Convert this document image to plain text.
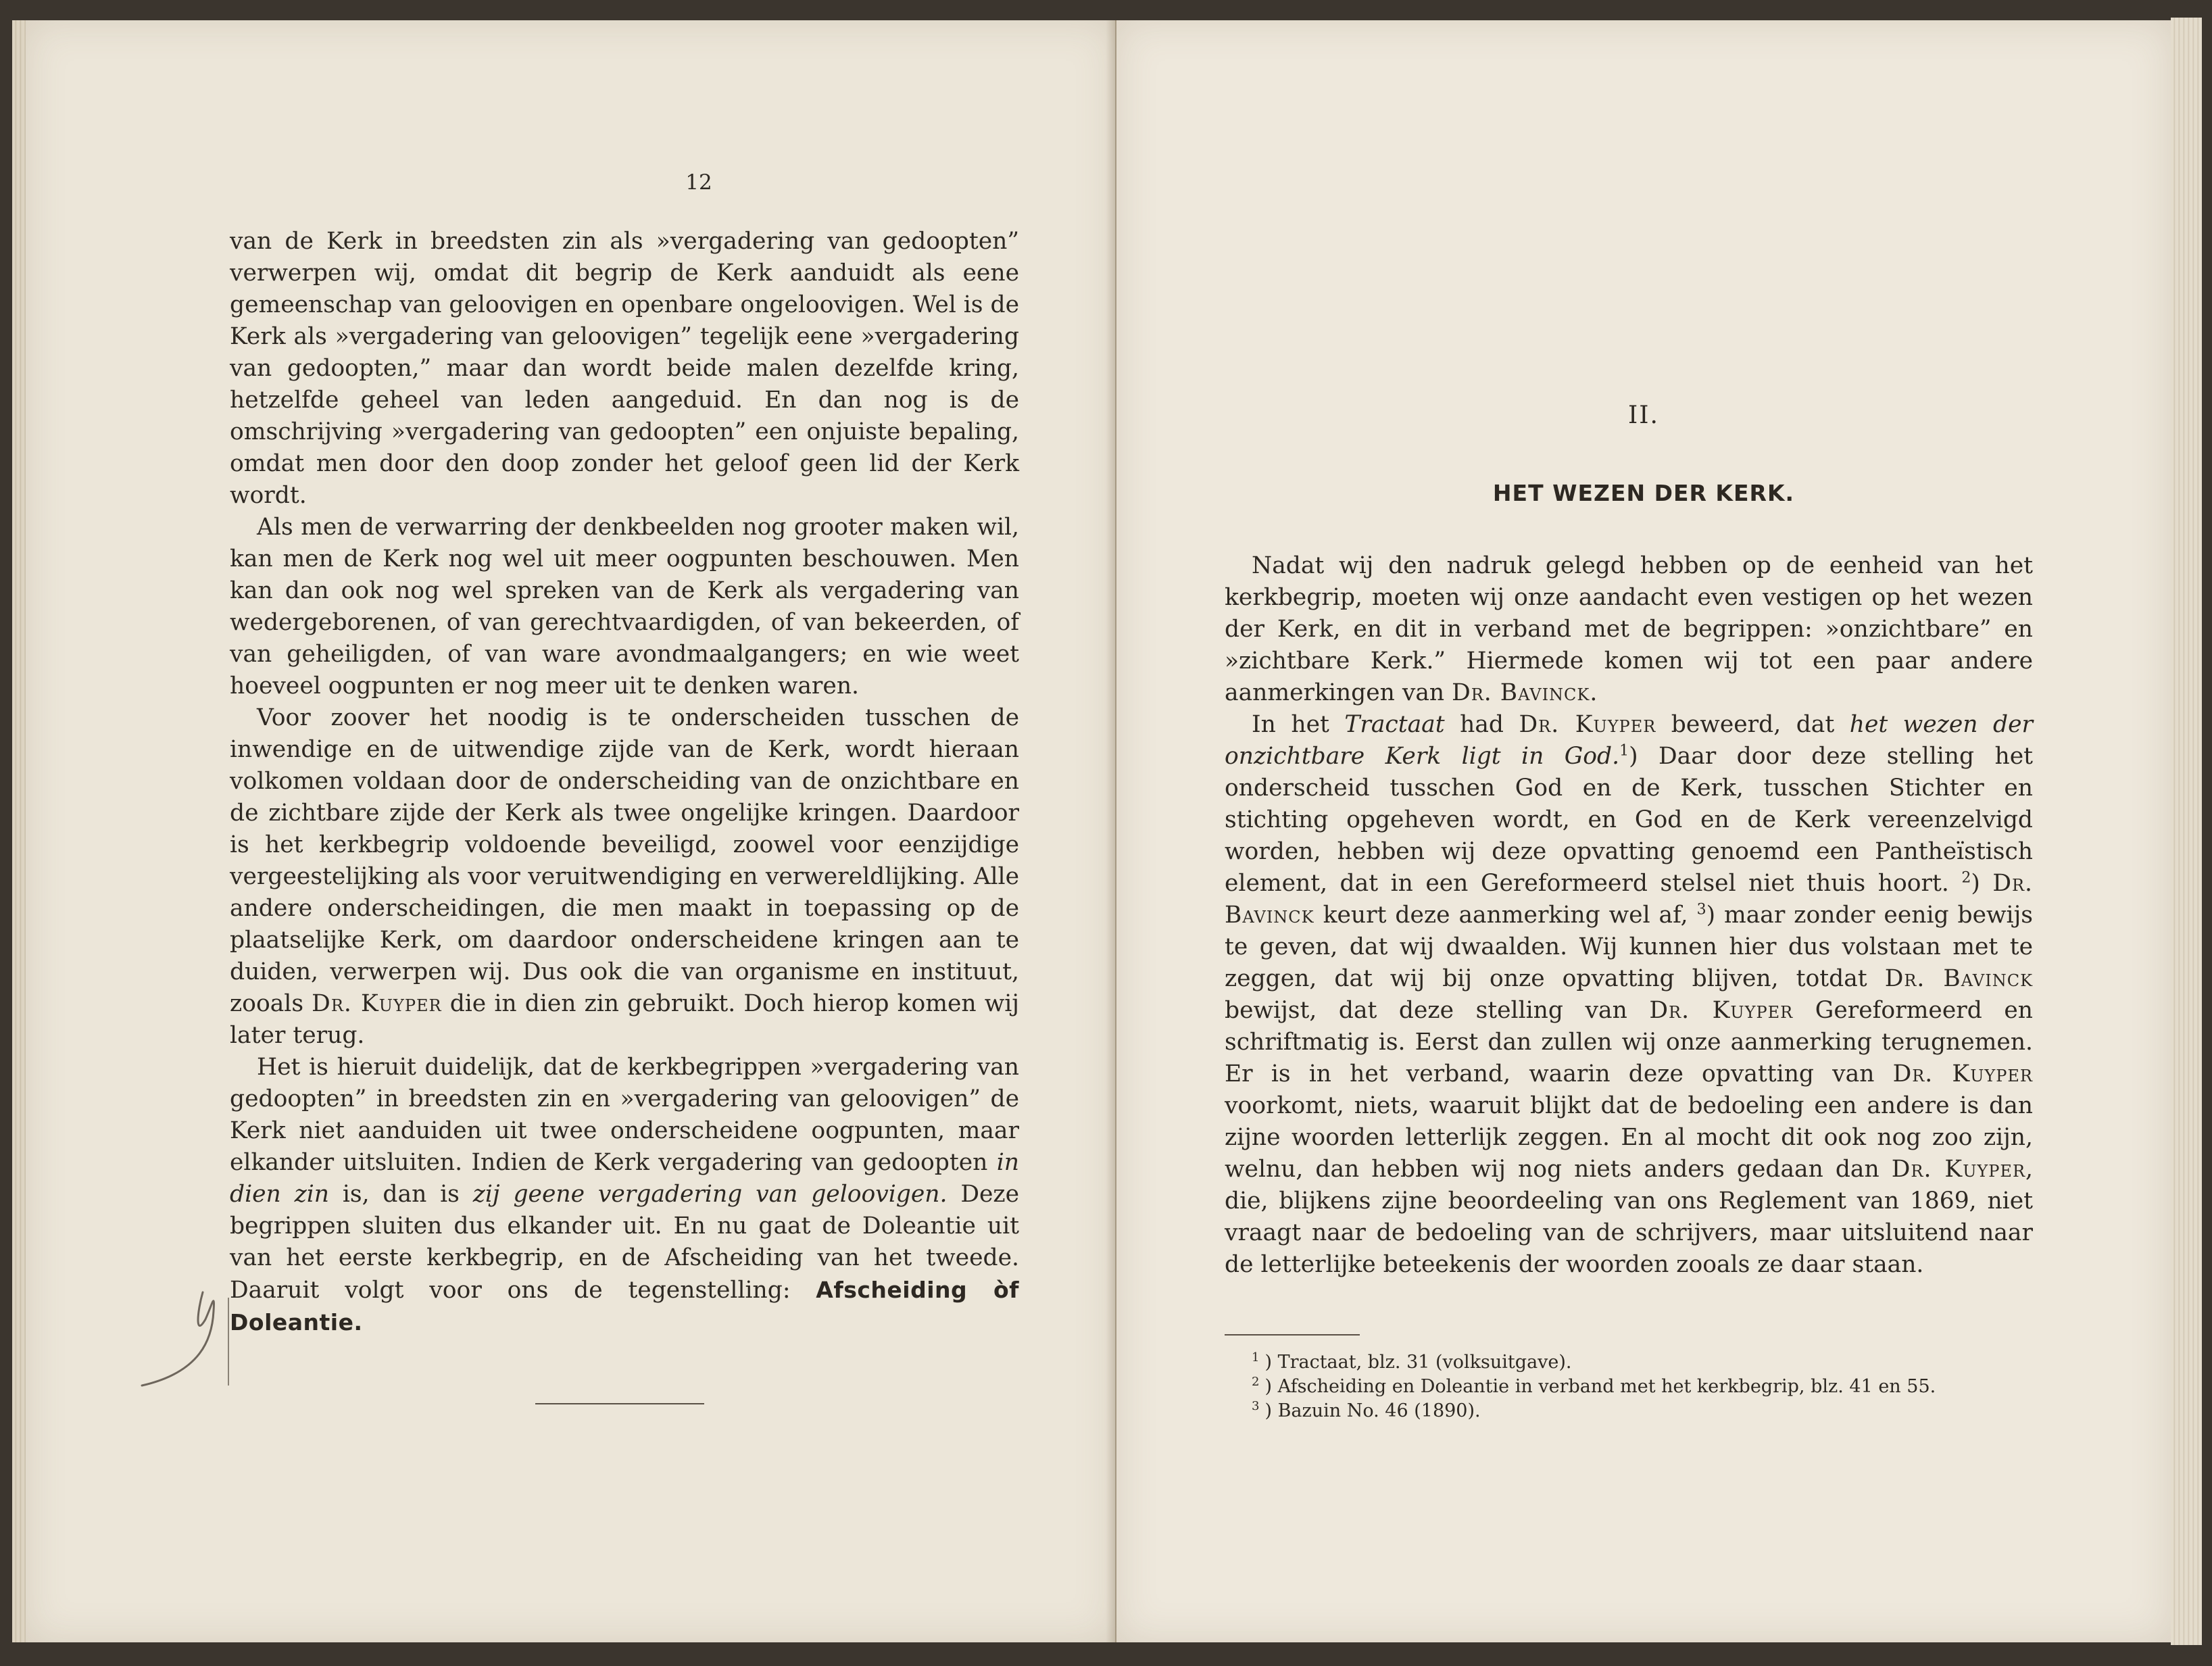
12

van de Kerk in breedsten zin als »vergadering van gedoopten” verwerpen wij, omdat dit begrip de Kerk aanduidt als eene gemeenschap van geloovigen en openbare ongeloovigen. Wel is de Kerk als »vergadering van geloovigen” tegelijk eene »vergadering van gedoopten,” maar dan wordt beide malen dezelfde kring, hetzelfde geheel van leden aangeduid. En dan nog is de omschrijving »vergadering van gedoopten” een onjuiste bepaling, omdat men door den doop zonder het geloof geen lid der Kerk wordt.

Als men de verwarring der denkbeelden nog grooter maken wil, kan men de Kerk nog wel uit meer oogpunten beschouwen. Men kan dan ook nog wel spreken van de Kerk als vergadering van wedergeborenen, of van gerechtvaardigden, of van bekeerden, of van geheiligden, of van ware avondmaalgangers; en wie weet hoeveel oogpunten er nog meer uit te denken waren.

Voor zoover het noodig is te onderscheiden tusschen de inwendige en de uitwendige zijde van de Kerk, wordt hieraan volkomen voldaan door de onderscheiding van de onzichtbare en de zichtbare zijde der Kerk als twee ongelijke kringen. Daardoor is het kerkbegrip voldoende beveiligd, zoowel voor eenzijdige vergeestelijking als voor veruitwendiging en verwereldlijking. Alle andere onderscheidingen, die men maakt in toepassing op de plaatselijke Kerk, om daardoor onderscheidene kringen aan te duiden, verwerpen wij. Dus ook die van organisme en instituut, zooals Dr. Kuyper die in dien zin gebruikt. Doch hierop komen wij later terug.

Het is hieruit duidelijk, dat de kerkbegrippen »vergadering van gedoopten” in breedsten zin en »vergadering van geloovigen” de Kerk niet aanduiden uit twee onderscheidene oogpunten, maar elkander uitsluiten. Indien de Kerk vergadering van gedoopten in dien zin is, dan is zij geene vergadering van geloovigen. Deze begrippen sluiten dus elkander uit. En nu gaat de Doleantie uit van het eerste kerkbegrip, en de Afscheiding van het tweede. Daaruit volgt voor ons de tegenstelling: Afscheiding òf Doleantie.

II.
HET WEZEN DER KERK.

Nadat wij den nadruk gelegd hebben op de eenheid van het kerkbegrip, moeten wij onze aandacht even vestigen op het wezen der Kerk, en dit in verband met de begrippen: »onzichtbare” en »zichtbare Kerk.” Hiermede komen wij tot een paar andere aanmerkingen van Dr. Bavinck.

In het Tractaat had Dr. Kuyper beweerd, dat het wezen der onzichtbare Kerk ligt in God.$^1$) Daar door deze stelling het onderscheid tusschen God en de Kerk, tusschen Stichter en stichting opgeheven wordt, en God en de Kerk vereenzelvigd worden, hebben wij deze opvatting genoemd een Pantheïstisch element, dat in een Gereformeerd stelsel niet thuis hoort. $^2$) Dr. Bavinck keurt deze aanmerking wel af, $^3$) maar zonder eenig bewijs te geven, dat wij dwaalden. Wij kunnen hier dus volstaan met te zeggen, dat wij bij onze opvatting blijven, totdat Dr. Bavinck bewijst, dat deze stelling van Dr. Kuyper Gereformeerd en schriftmatig is. Eerst dan zullen wij onze aanmerking terugnemen. Er is in het verband, waarin deze opvatting van Dr. Kuyper voorkomt, niets, waaruit blijkt dat de bedoeling een andere is dan zijne woorden letterlijk zeggen. En al mocht dit ook nog zoo zijn, welnu, dan hebben wij nog niets anders gedaan dan Dr. Kuyper, die, blijkens zijne beoordeeling van ons Reglement van 1869, niet vraagt naar de bedoeling van de schrijvers, maar uitsluitend naar de letterlijke beteekenis der woorden zooals ze daar staan.

$^1$ ) Tractaat, blz. 31 (volksuitgave).
$^2$ ) Afscheiding en Doleantie in verband met het kerkbegrip, blz. 41 en 55.
$^3$ ) Bazuin No. 46 (1890).
